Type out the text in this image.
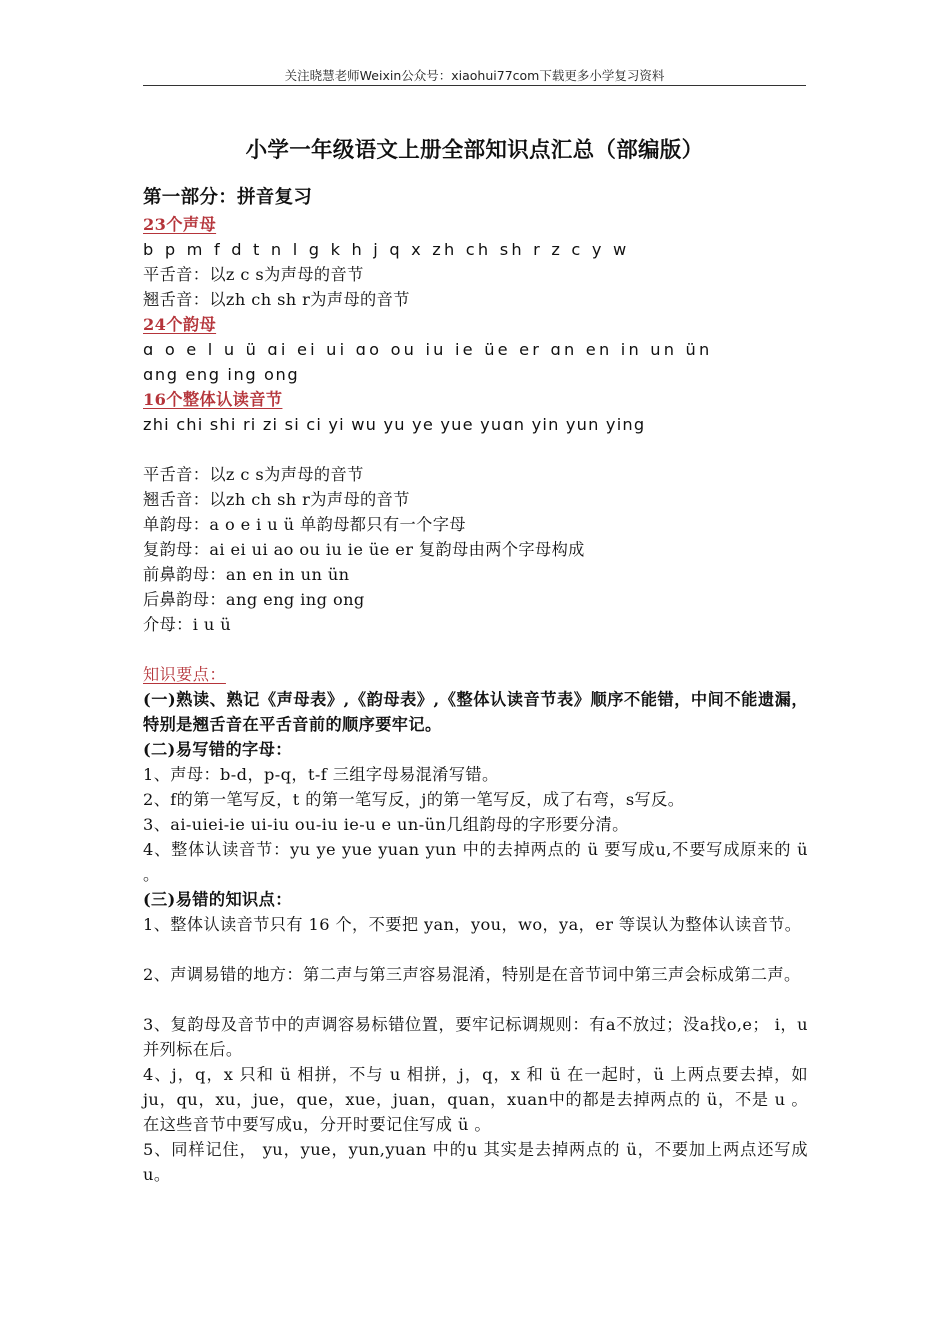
关注晓慧老师Weixin公众号：xiaohui77com下载更多小学复习资料
小学一年级语文上册全部知识点汇总（部编版）
第一部分：拼音复习
23个声母
b p m f d t n l g k h j q x zh ch sh r z c y w
平舌音：以z c s为声母的音节
翘舌音：以zh ch sh r为声母的音节
24个韵母
ɑ o e l u ü ɑi ei ui ɑo ou iu ie üe er ɑn en in un ün
ɑng eng ing ong
16个整体认读音节
zhi chi shi ri zi si ci yi wu yu ye yue yuɑn yin yun ying
平舌音：以z c s为声母的音节
翘舌音：以zh ch sh r为声母的音节
单韵母：a o e i u ü 单韵母都只有一个字母
复韵母：ai ei ui ao ou iu ie üe er 复韵母由两个字母构成
前鼻韵母：an en in un ün
后鼻韵母：ang eng ing ong
介母：i u ü
知识要点：
(一)熟读、熟记《声母表》,《韵母表》,《整体认读音节表》顺序不能错，中间不能遗漏，特别是翘舌音在平舌音前的顺序要牢记。
(二)易写错的字母：
1、声母：b-d，p-q，t-f 三组字母易混淆写错。
2、f的第一笔写反，t 的第一笔写反，j的第一笔写反，成了右弯，s写反。
3、ai-uiei-ie ui-iu ou-iu ie-u e un-ün几组韵母的字形要分清。
4、整体认读音节：yu ye yue yuan yun 中的去掉两点的 ü 要写成u,不要写成原来的 ü 。
(三)易错的知识点：
1、整体认读音节只有 16 个，不要把 yan，you，wo，ya，er 等误认为整体认读音节。
2、声调易错的地方：第二声与第三声容易混淆，特别是在音节词中第三声会标成第二声。
3、复韵母及音节中的声调容易标错位置，要牢记标调规则：有a不放过；没a找o,e； i，u并列标在后。
4、j，q，x 只和 ü 相拼，不与 u 相拼，j，q，x 和 ü 在一起时，ü 上两点要去掉，如ju，qu，xu，jue，que，xue，juan，quan，xuan中的都是去掉两点的 ü，不是 u 。在这些音节中要写成u，分开时要记住写成 ü 。
5、同样记住， yu，yue，yun,yuan 中的u 其实是去掉两点的 ü，不要加上两点还写成u。
